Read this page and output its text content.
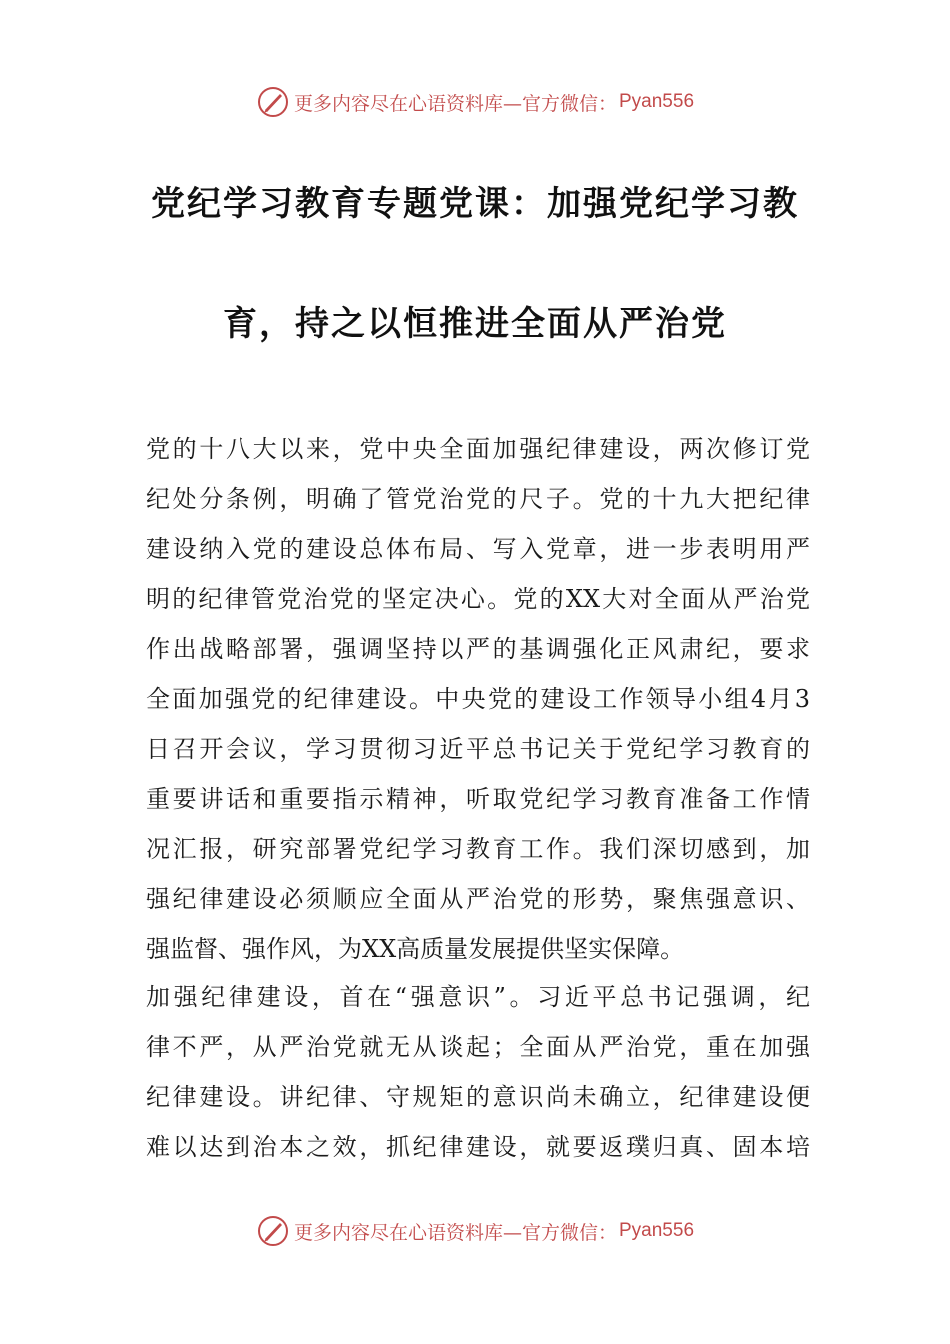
更多内容尽在心语资料库—官方微信： Pyan556
党纪学习教育专题党课：加强党纪学习教
育，持之以恒推进全面从严治党
党的十八大以来，党中央全面加强纪律建设，两次修订党
纪处分条例，明确了管党治党的尺子。党的十九大把纪律
建设纳入党的建设总体布局、写入党章，进一步表明用严
明的纪律管党治党的坚定决心。党的XX大对全面从严治党
作出战略部署，强调坚持以严的基调强化正风肃纪，要求
全面加强党的纪律建设。中央党的建设工作领导小组4月3
日召开会议，学习贯彻习近平总书记关于党纪学习教育的
重要讲话和重要指示精神，听取党纪学习教育准备工作情
况汇报，研究部署党纪学习教育工作。我们深切感到，加
强纪律建设必须顺应全面从严治党的形势，聚焦强意识、
强监督、强作风，为XX高质量发展提供坚实保障。
加强纪律建设，首在“强意识”。习近平总书记强调，纪
律不严，从严治党就无从谈起；全面从严治党，重在加强
纪律建设。讲纪律、守规矩的意识尚未确立，纪律建设便
难以达到治本之效，抓纪律建设，就要返璞归真、固本培
更多内容尽在心语资料库—官方微信： Pyan556
